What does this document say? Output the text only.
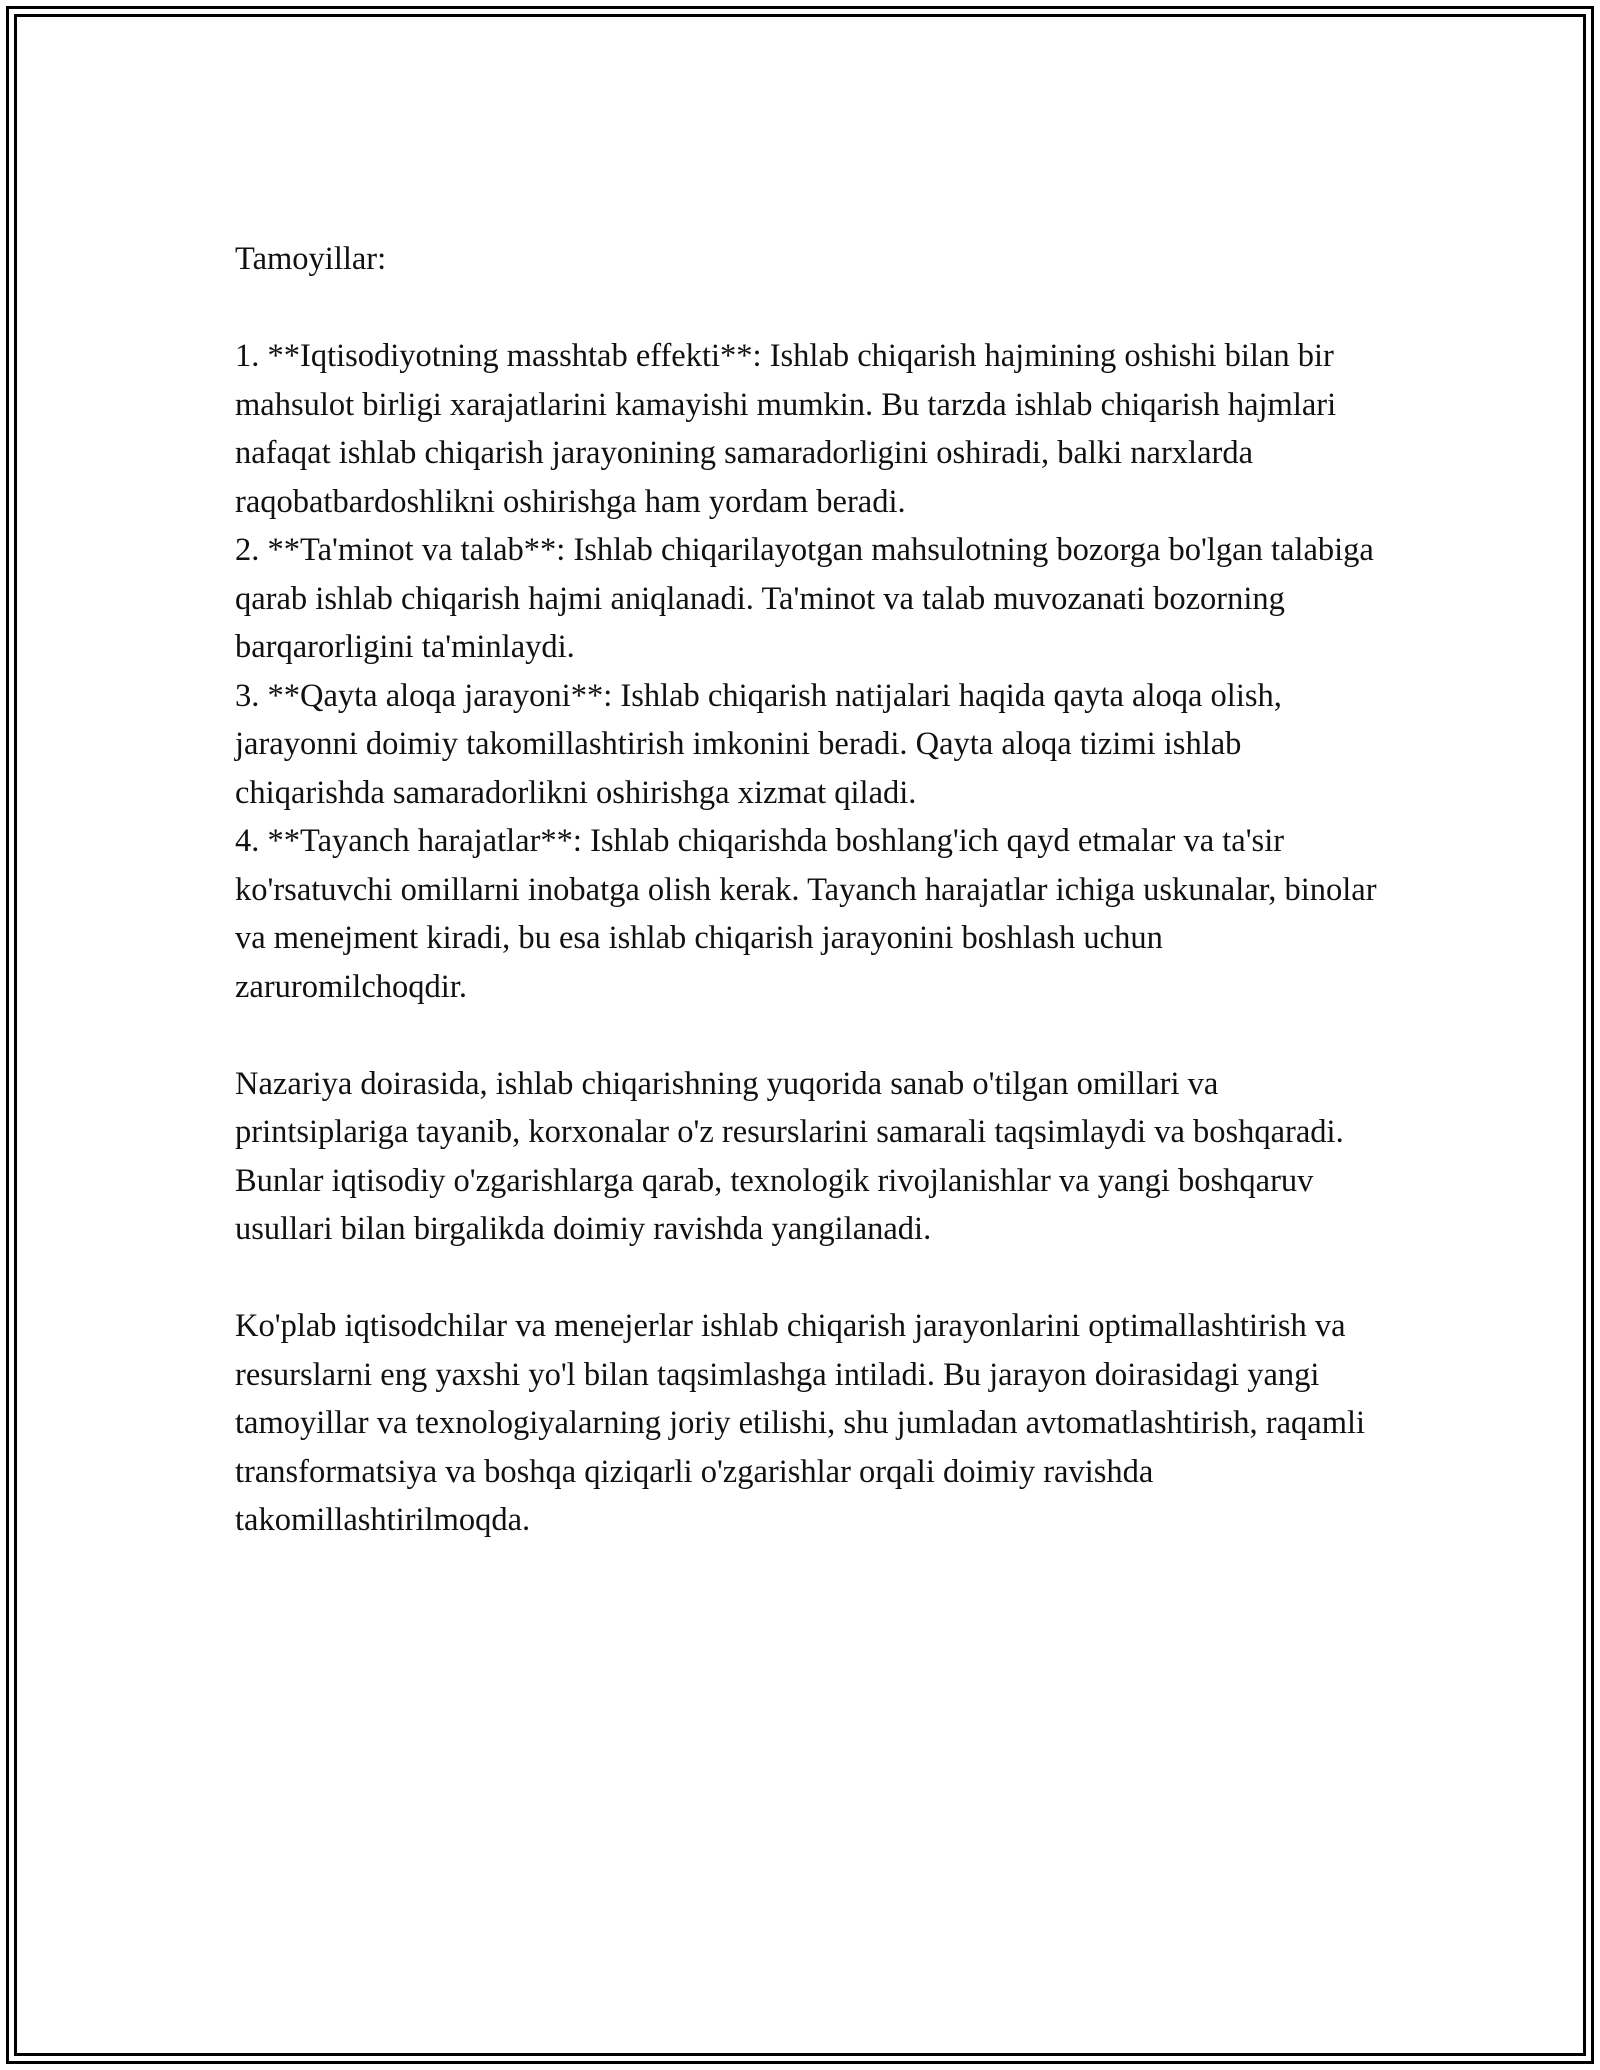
Tamoyillar:

1. **Iqtisodiyotning masshtab effekti**: Ishlab chiqarish hajmining oshishi bilan bir mahsulot birligi xarajatlarini kamayishi mumkin. Bu tarzda ishlab chiqarish hajmlari nafaqat ishlab chiqarish jarayonining samaradorligini oshiradi, balki narxlarda raqobatbardoshlikni oshirishga ham yordam beradi.

2. **Ta'minot va talab**: Ishlab chiqarilayotgan mahsulotning bozorga bo'lgan talabiga qarab ishlab chiqarish hajmi aniqlanadi. Ta'minot va talab muvozanati bozorning barqarorligini ta'minlaydi.

3. **Qayta aloqa jarayoni**: Ishlab chiqarish natijalari haqida qayta aloqa olish, jarayonni doimiy takomillashtirish imkonini beradi. Qayta aloqa tizimi ishlab chiqarishda samaradorlikni oshirishga xizmat qiladi.

4. **Tayanch harajatlar**: Ishlab chiqarishda boshlang'ich qayd etmalar va ta'sir ko'rsatuvchi omillarni inobatga olish kerak. Tayanch harajatlar ichiga uskunalar, binolar va menejment kiradi, bu esa ishlab chiqarish jarayonini boshlash uchun zaruromilchoqdir.

Nazariya doirasida, ishlab chiqarishning yuqorida sanab o'tilgan omillari va printsiplariga tayanib, korxonalar o'z resurslarini samarali taqsimlaydi va boshqaradi. Bunlar iqtisodiy o'zgarishlarga qarab, texnologik rivojlanishlar va yangi boshqaruv usullari bilan birgalikda doimiy ravishda yangilanadi.

Ko'plab iqtisodchilar va menejerlar ishlab chiqarish jarayonlarini optimallashtirish va resurslarni eng yaxshi yo'l bilan taqsimlashga intiladi. Bu jarayon doirasidagi yangi tamoyillar va texnologiyalarning joriy etilishi, shu jumladan avtomatlashtirish, raqamli transformatsiya va boshqa qiziqarli o'zgarishlar orqali doimiy ravishda takomillashtirilmoqda.
